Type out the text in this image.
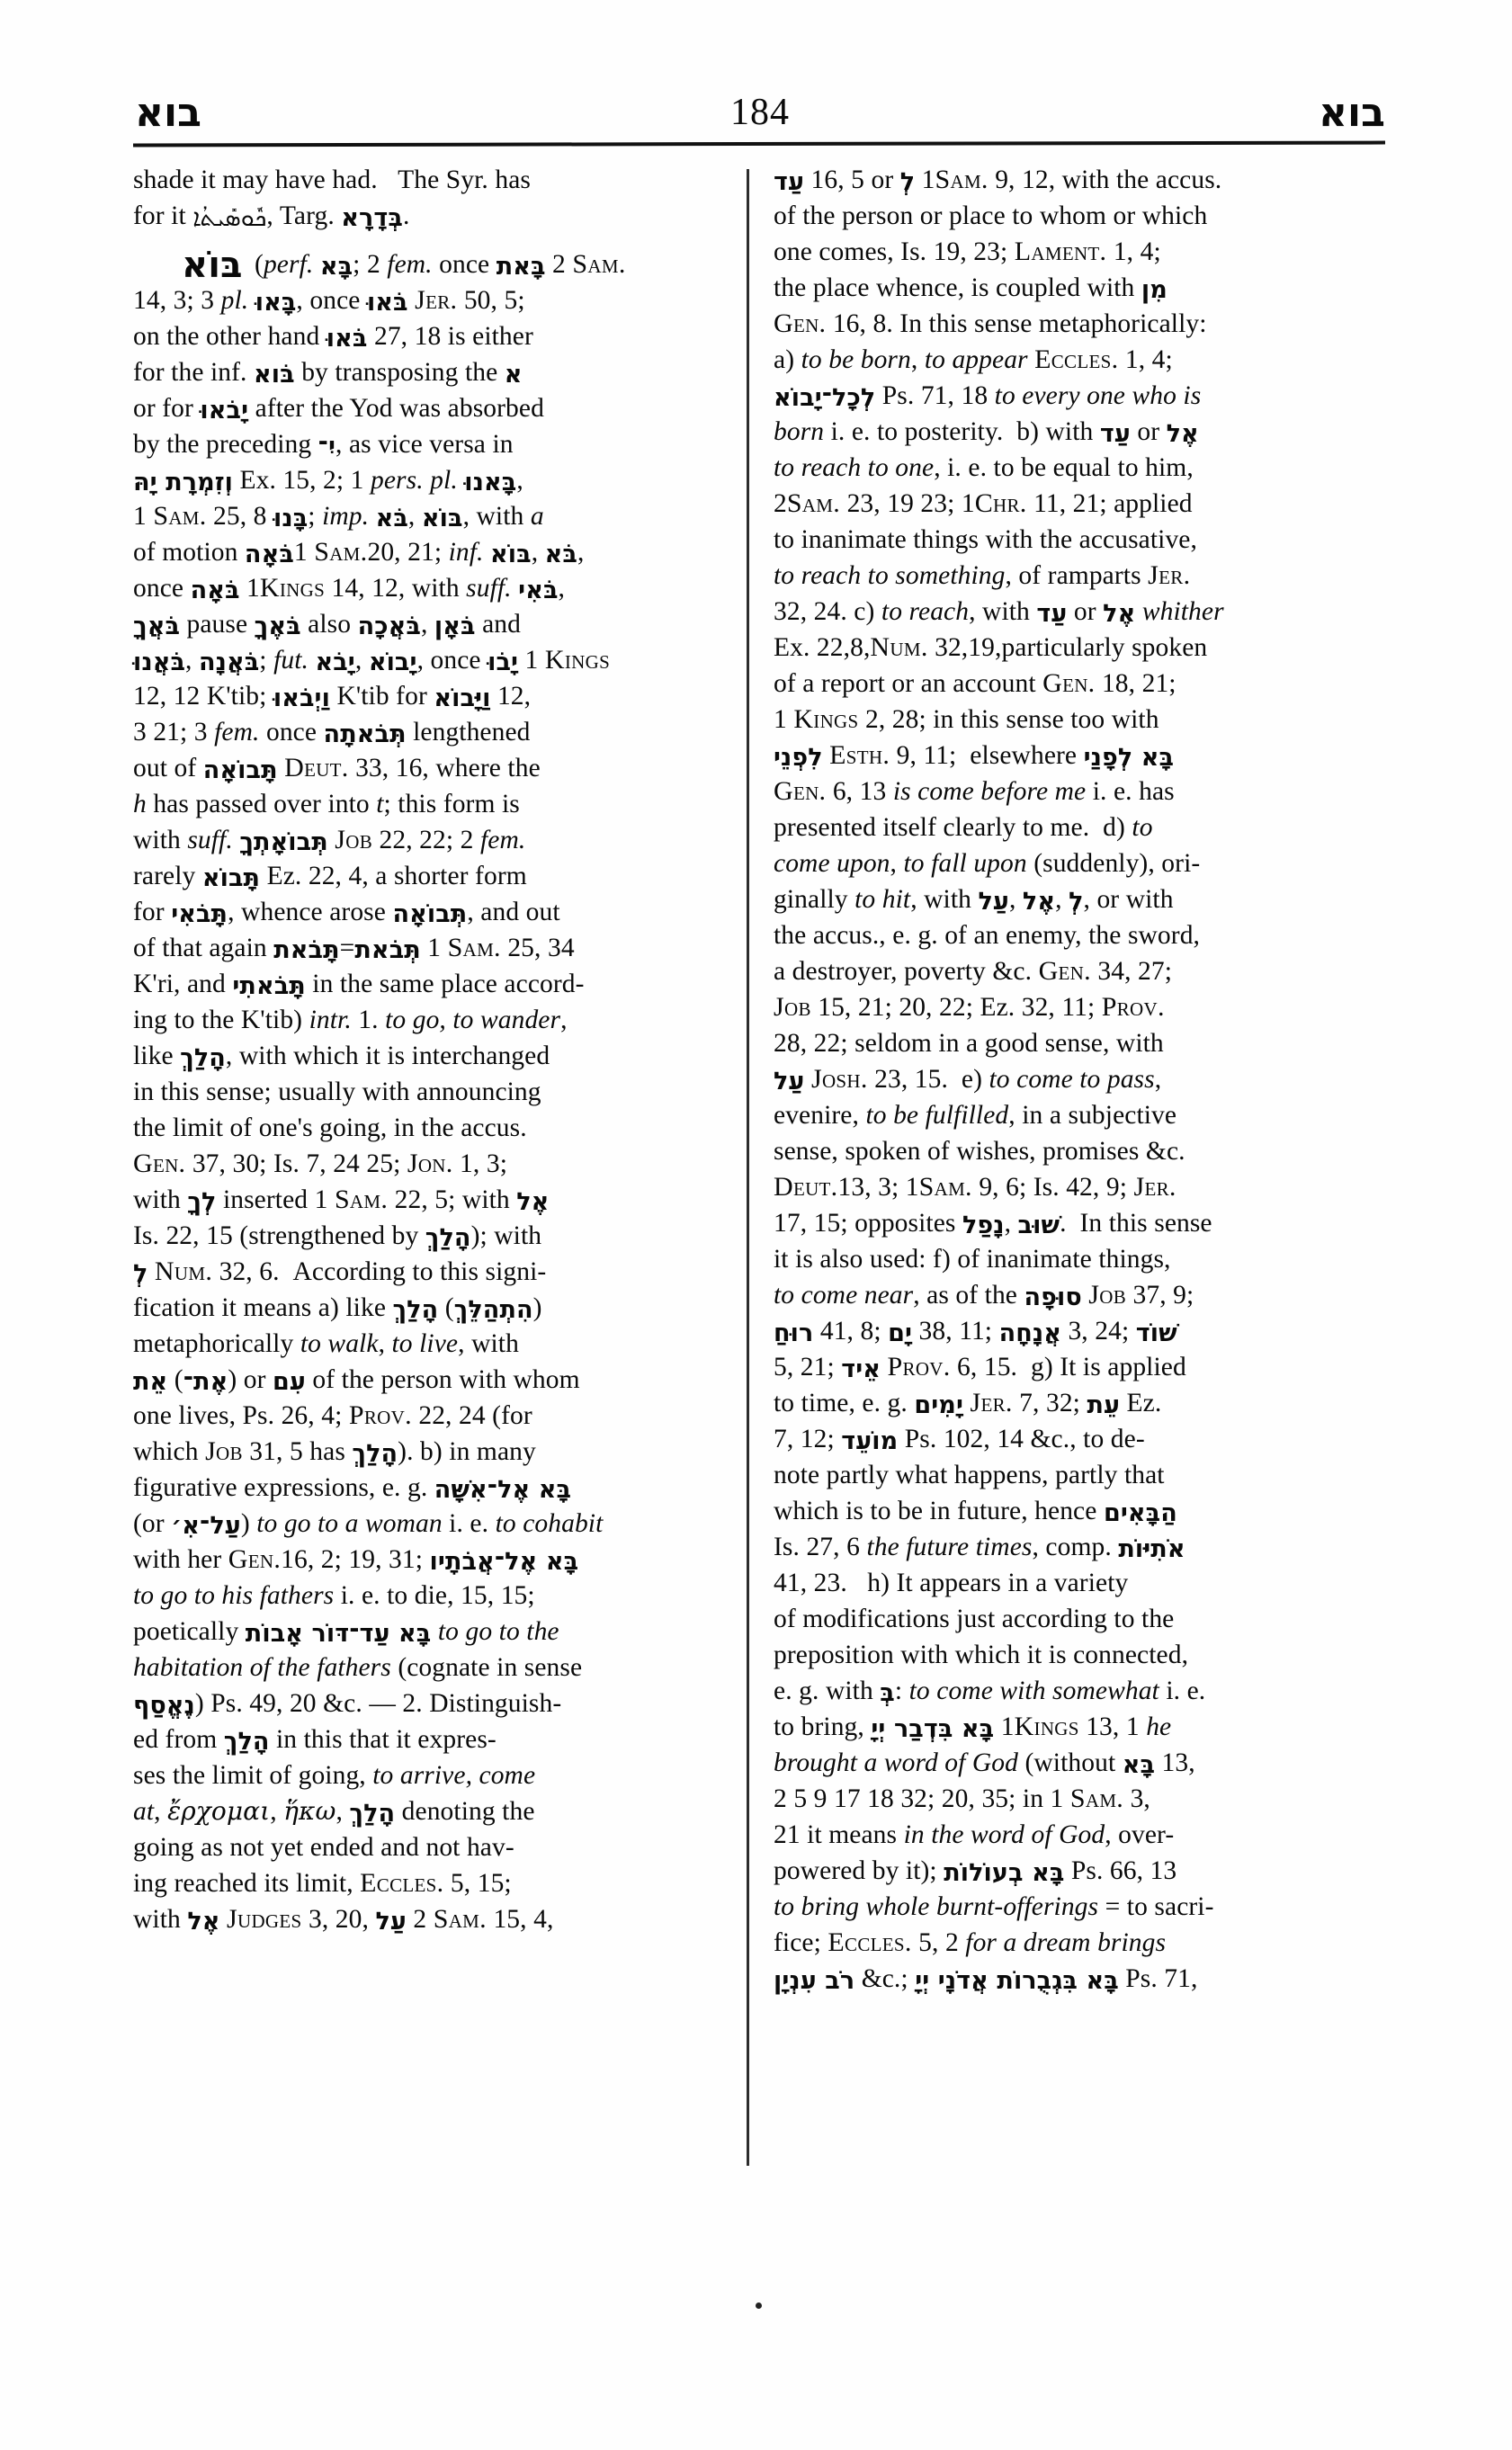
בוא	184	בוא
shade it may have had.   The Syr. has
for it ܟܽܘܣܺܝܬܳܐ, Targ. בְּדָרָא.
בּוֹא (perf. בָּא; 2 fem. once בָּאת 2 Sam.
14, 3; 3 pl. בָּאוּ, once בֹּאוּ Jer. 50, 5;
on the other hand בֹּאוּ 27, 18 is either
for the inf. בֹּוא by transposing the א
or for יָבֹאוּ after the Yod was absorbed
by the preceding יִ־, as vice versa in
וְזִמְרָת יָהּ Ex. 15, 2; 1 pers. pl. בָּאנוּ,
1 Sam. 25, 8 בָּנוּ; imp. בֹּא, בּוֹא, with a
of motion בֹּאָה1 Sam.20, 21; inf. בּוֹא, בֹּא,
once בֹּאָה 1Kings 14, 12, with suff. בֹּאִי,
בֹּאֲךָ pause בֹּאֶךָ also בֹּאֲכָה, בֹּאָן and
בֹּאֲנוּ, בֹּאֲנָה; fut. יָבֹא, יָבוֹא, once יָבֹוּ 1 Kings
12, 12 K'tib; וַיְבֹאוּ K'tib for וַיָּבוֹא 12,
3 21; 3 fem. once תְּבֹאתָה lengthened
out of תָּבוֹאָה Deut. 33, 16, where the
h has passed over into t; this form is
with suff. תְּבוֹאָתְךָ Job 22, 22; 2 fem.
rarely תָּבוֹא Ez. 22, 4, a shorter form
for תָּבֹאִי, whence arose תְּבוֹאָה, and out
of that again תָּבֹאת=תְּבֹאת 1 Sam. 25, 34
K'ri, and תָּבֹאתִי in the same place accord-
ing to the K'tib) intr. 1. to go, to wander,
like הָלַךְ, with which it is interchanged
in this sense; usually with announcing
the limit of one's going, in the accus.
Gen. 37, 30; Is. 7, 24 25; Jon. 1, 3;
with לְךָ inserted 1 Sam. 22, 5; with אֶל
Is. 22, 15 (strengthened by הָלַךְ); with
לְ Num. 32, 6.  According to this signi-
fication it means a) like הָלַךְ (הִתְהַלֵּךְ)
metaphorically to walk, to live, with
אֵת (אֶת־) or עִם of the person with whom
one lives, Ps. 26, 4; Prov. 22, 24 (for
which Job 31, 5 has הָלַךְ). b) in many
figurative expressions, e. g. בָּא אֶל־אִשָּׁה
(or עַל־אִ׳) to go to a woman i. e. to cohabit
with her Gen.16, 2; 19, 31; בָּא אֶל־אֲבֹתָיו
to go to his fathers i. e. to die, 15, 15;
poetically בָּא עַד־דּוֹר אָבוֹת to go to the
habitation of the fathers (cognate in sense
נֶאֱסַף) Ps. 49, 20 &c. — 2. Distinguish-
ed from הָלַךְ in this that it expres-
ses the limit of going, to arrive, come
at, ἔρχομαι, ἥκω, הָלַךְ denoting the
going as not yet ended and not hav-
ing reached its limit, Eccles. 5, 15;
with אֶל Judges 3, 20, עַל 2 Sam. 15, 4,
עַד 16, 5 or לְ 1Sam. 9, 12, with the accus.
of the person or place to whom or which
one comes, Is. 19, 23; Lament. 1, 4;
the place whence, is coupled with מִן
Gen. 16, 8. In this sense metaphorically:
a) to be born, to appear Eccles. 1, 4;
לְכָל־יָבוֹא Ps. 71, 18 to every one who is
born i. e. to posterity.  b) with עַד or אֶל
to reach to one, i. e. to be equal to him,
2Sam. 23, 19 23; 1Chr. 11, 21; applied
to inanimate things with the accusative,
to reach to something, of ramparts Jer.
32, 24. c) to reach, with עַד or אֶל whither
Ex. 22,8,Num. 32,19,particularly spoken
of a report or an account Gen. 18, 21;
1 Kings 2, 28; in this sense too with
לִפְנֵי Esth. 9, 11;  elsewhere בָּא לְפָנַי
Gen. 6, 13 is come before me i. e. has
presented itself clearly to me.  d) to
come upon, to fall upon (suddenly), ori-
ginally to hit, with עַל, אֶל, לְ, or with
the accus., e. g. of an enemy, the sword,
a destroyer, poverty &c. Gen. 34, 27;
Job 15, 21; 20, 22; Ez. 32, 11; Prov.
28, 22; seldom in a good sense, with
עַל Josh. 23, 15.  e) to come to pass,
evenire, to be fulfilled, in a subjective
sense, spoken of wishes, promises &c.
Deut.13, 3; 1Sam. 9, 6; Is. 42, 9; Jer.
17, 15; opposites נָפַל, שׁוּב.  In this sense
it is also used: f) of inanimate things,
to come near, as of the סוּפָה Job 37, 9;
רוּחַ 41, 8; יָם 38, 11; אֲנָחָה 3, 24; שׁוֹד
5, 21; אֵיד Prov. 6, 15.  g) It is applied
to time, e. g. יָמִים Jer. 7, 32; עֵת Ez.
7, 12; מוֹעֵד Ps. 102, 14 &c., to de-
note partly what happens, partly that
which is to be in future, hence הַבָּאִים
Is. 27, 6 the future times, comp. אֹתִיּוֹת
41, 23.   h) It appears in a variety
of modifications just according to the
preposition with which it is connected,
e. g. with בְּ: to come with somewhat i. e.
to bring, בָּא בִּדְבַר יְיָ 1Kings 13, 1 he
brought a word of God (without בָּא 13,
2 5 9 17 18 32; 20, 35; in 1 Sam. 3,
21 it means in the word of God, over-
powered by it); בָּא בְעוֹלוֹת Ps. 66, 13
to bring whole burnt-offerings = to sacri-
fice; Eccles. 5, 2 for a dream brings
רֹב עִנְיָן &c.; בָּא בִּגְבֻרוֹת אֲדֹנָי יְיָ Ps. 71,
